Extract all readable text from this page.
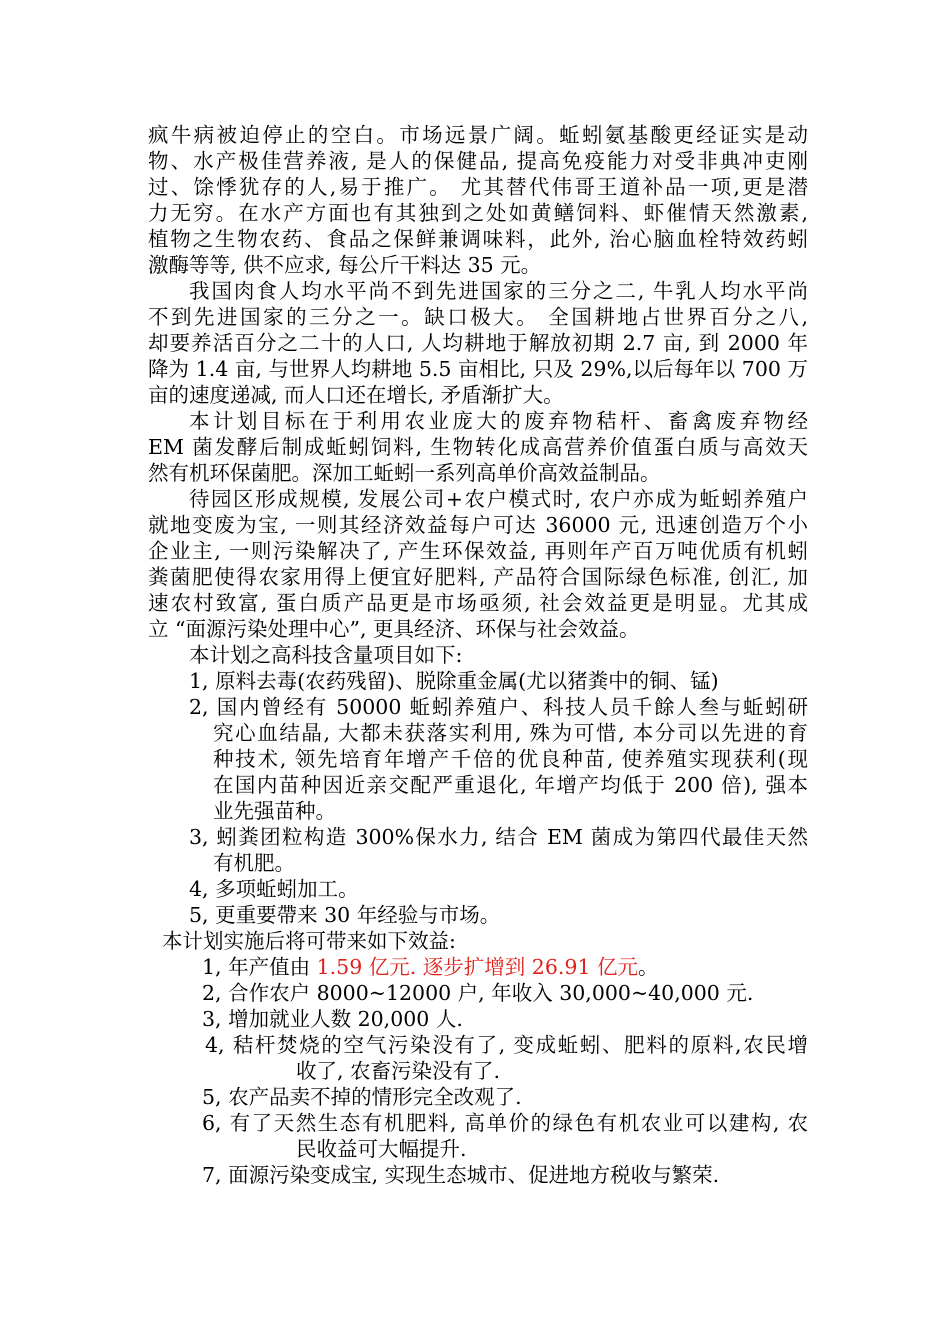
疯牛病被迫停止的空白。市场远景广阔。蚯蚓氨基酸更经证实是动
物、水产极佳营养液, 是人的保健品, 提高免疫能力对受非典冲吏刚
过、馀悸犹存的人,易于推广。 尤其替代伟哥王道补品一项,更是潜
力无穷。在水产方面也有其独到之处如黄鳝饲料、虾催情天然激素,
植物之生物农药、食品之保鲜兼调味料，此外, 治心脑血栓特效药蚓
激酶等等, 供不应求, 每公斤干料达 35 元。
我国肉食人均水平尚不到先进国家的三分之二, 牛乳人均水平尚
不到先进国家的三分之一。缺口极大。 全国耕地占世界百分之八,
却要养活百分之二十的人口, 人均耕地于解放初期 2.7 亩, 到 2000 年
降为 1.4 亩, 与世界人均耕地 5.5 亩相比, 只及 29%,以后每年以 700 万
亩的速度递减, 而人口还在增长, 矛盾渐扩大。
本计划目标在于利用农业庞大的废弃物秸杆、畜禽废弃物经
EM 菌发酵后制成蚯蚓饲料, 生物转化成高营养价值蛋白质与高效天
然有机环保菌肥。深加工蚯蚓一系列高单价高效益制品。
待园区形成规模, 发展公司+农户模式时, 农户亦成为蚯蚓养殖户
就地变废为宝, 一则其经济效益每户可达 36000 元, 迅速创造万个小
企业主, 一则污染解决了, 产生环保效益, 再则年产百万吨优质有机蚓
粪菌肥使得农家用得上便宜好肥料, 产品符合国际绿色标准, 创汇, 加
速农村致富, 蛋白质产品更是市场亟须, 社会效益更是明显。尤其成
立 “面源污染处理中心”, 更具经济、环保与社会效益。
本计划之高科技含量项目如下:
1, 原料去毒(农药残留)、脱除重金属(尤以猪粪中的铜、锰)
2, 国内曾经有 50000 蚯蚓养殖户、科技人员千餘人叁与蚯蚓研
究心血结晶, 大都未获落实利用, 殊为可惜, 本分司以先进的育
种技术, 领先培育年增产千倍的优良种苗, 使养殖实现获利(现
在国内苗种因近亲交配严重退化, 年增产均低于 200 倍), 强本
业先强苗种。
3, 蚓粪团粒构造 300%保水力, 结合 EM 菌成为第四代最佳天然
有机肥。
4, 多项蚯蚓加工。
5, 更重要帶来 30 年经验与市场。
本计划实施后将可带来如下效益:
1, 年产值由 1.59 亿元. 逐步扩增到 26.91 亿元。
2, 合作农户 8000~12000 户, 年收入 30,000~40,000 元.
3, 增加就业人数 20,000 人.
4, 秸杆焚烧的空气污染没有了, 变成蚯蚓、肥料的原料,农民增
收了, 农畜污染没有了.
5, 农产品卖不掉的情形完全改观了.
6, 有了天然生态有机肥料, 高单价的绿色有机农业可以建构, 农
民收益可大幅提升.
7, 面源污染变成宝, 实现生态城市、促进地方税收与繁荣.
